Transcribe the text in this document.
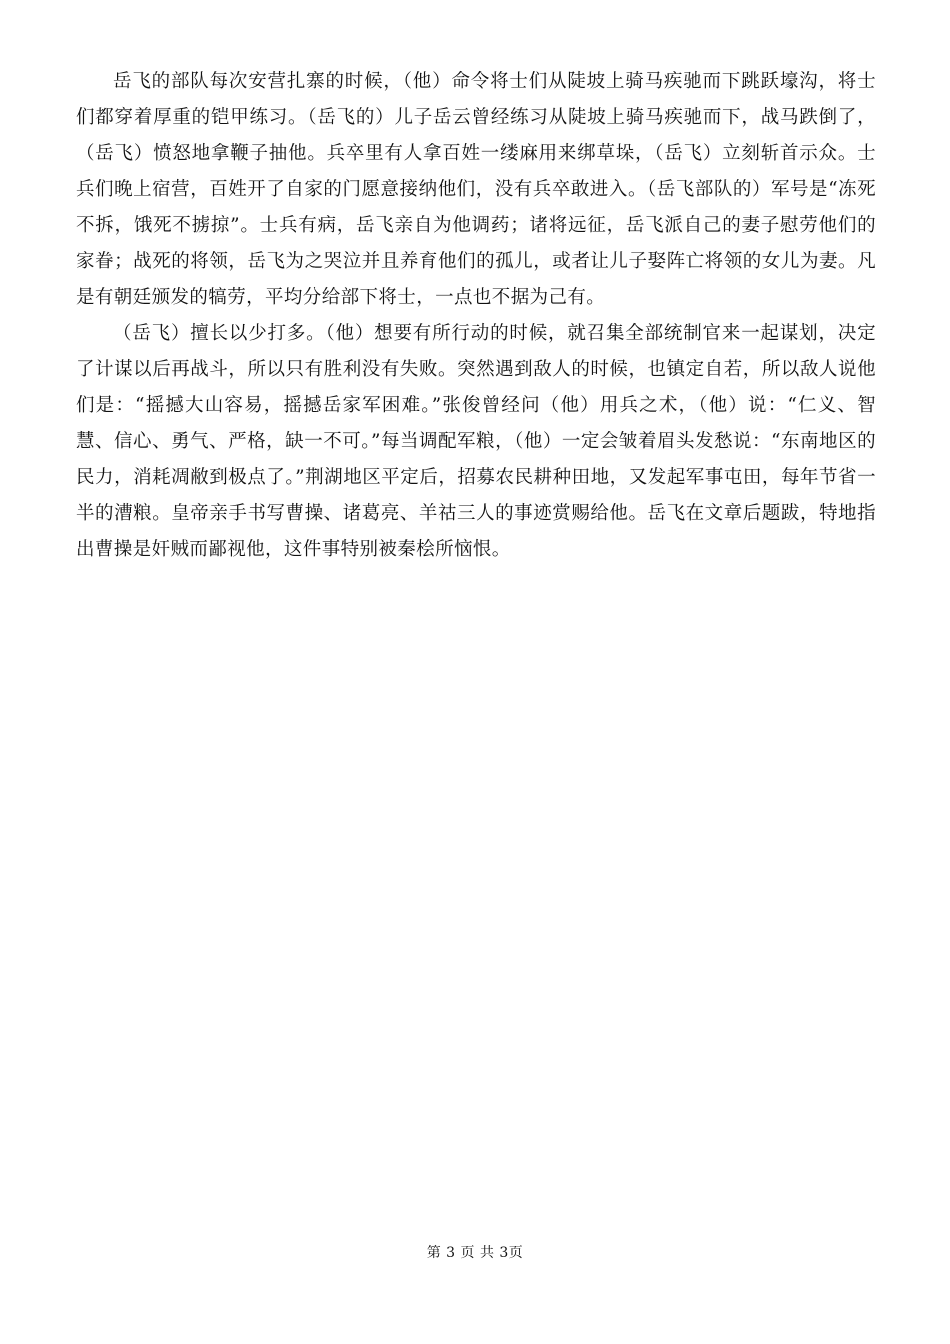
岳飞的部队每次安营扎寨的时候，（他）命令将士们从陡坡上骑马疾驰而下跳跃壕沟，将士们都穿着厚重的铠甲练习。（岳飞的）儿子岳云曾经练习从陡坡上骑马疾驰而下，战马跌倒了，（岳飞）愤怒地拿鞭子抽他。兵卒里有人拿百姓一缕麻用来绑草垛，（岳飞）立刻斩首示众。士兵们晚上宿营，百姓开了自家的门愿意接纳他们，没有兵卒敢进入。（岳飞部队的）军号是“冻死不拆，饿死不掳掠”。士兵有病，岳飞亲自为他调药；诸将远征，岳飞派自己的妻子慰劳他们的家眷；战死的将领，岳飞为之哭泣并且养育他们的孤儿，或者让儿子娶阵亡将领的女儿为妻。凡是有朝廷颁发的犒劳，平均分给部下将士，一点也不据为己有。

（岳飞）擅长以少打多。（他）想要有所行动的时候，就召集全部统制官来一起谋划，决定了计谋以后再战斗，所以只有胜利没有失败。突然遇到敌人的时候，也镇定自若，所以敌人说他们是：“摇撼大山容易，摇撼岳家军困难。”张俊曾经问（他）用兵之术，（他）说：“仁义、智慧、信心、勇气、严格，缺一不可。”每当调配军粮，（他）一定会皱着眉头发愁说：“东南地区的民力，消耗凋敝到极点了。”荆湖地区平定后，招募农民耕种田地，又发起军事屯田，每年节省一半的漕粮。皇帝亲手书写曹操、诸葛亮、羊祜三人的事迹赏赐给他。岳飞在文章后题跋，特地指出曹操是奸贼而鄙视他，这件事特别被秦桧所恼恨。

第 3 页 共 3页
